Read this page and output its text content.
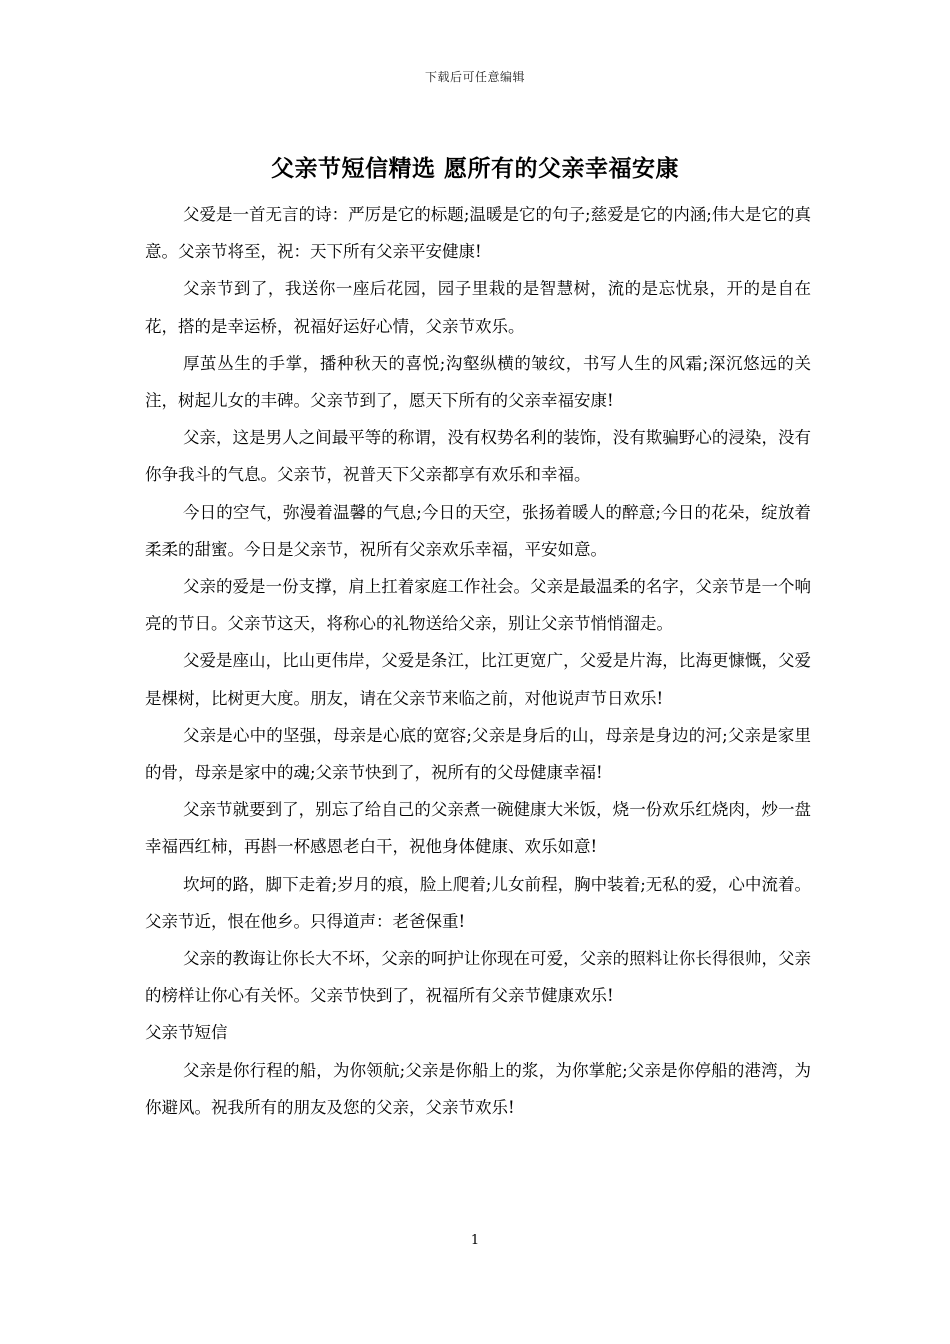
下载后可任意编辑
父亲节短信精选 愿所有的父亲幸福安康

父爱是一首无言的诗：严厉是它的标题;温暖是它的句子;慈爱是它的内涵;伟大是它的真意。父亲节将至，祝：天下所有父亲平安健康!

父亲节到了，我送你一座后花园，园子里栽的是智慧树，流的是忘忧泉，开的是自在花，搭的是幸运桥，祝福好运好心情，父亲节欢乐。

厚茧丛生的手掌，播种秋天的喜悦;沟壑纵横的皱纹，书写人生的风霜;深沉悠远的关注，树起儿女的丰碑。父亲节到了，愿天下所有的父亲幸福安康!

父亲，这是男人之间最平等的称谓，没有权势名利的装饰，没有欺骗野心的浸染，没有你争我斗的气息。父亲节，祝普天下父亲都享有欢乐和幸福。

今日的空气，弥漫着温馨的气息;今日的天空，张扬着暖人的醉意;今日的花朵，绽放着柔柔的甜蜜。今日是父亲节，祝所有父亲欢乐幸福，平安如意。

父亲的爱是一份支撑，肩上扛着家庭工作社会。父亲是最温柔的名字，父亲节是一个响亮的节日。父亲节这天，将称心的礼物送给父亲，别让父亲节悄悄溜走。

父爱是座山，比山更伟岸，父爱是条江，比江更宽广，父爱是片海，比海更慷慨，父爱是棵树，比树更大度。朋友，请在父亲节来临之前，对他说声节日欢乐!

父亲是心中的坚强，母亲是心底的宽容;父亲是身后的山，母亲是身边的河;父亲是家里的骨，母亲是家中的魂;父亲节快到了，祝所有的父母健康幸福!

父亲节就要到了，别忘了给自己的父亲煮一碗健康大米饭，烧一份欢乐红烧肉，炒一盘幸福西红柿，再斟一杯感恩老白干，祝他身体健康、欢乐如意!

坎坷的路，脚下走着;岁月的痕，脸上爬着;儿女前程，胸中装着;无私的爱，心中流着。父亲节近，恨在他乡。只得道声：老爸保重!

父亲的教诲让你长大不坏，父亲的呵护让你现在可爱，父亲的照料让你长得很帅，父亲的榜样让你心有关怀。父亲节快到了，祝福所有父亲节健康欢乐!

父亲节短信

父亲是你行程的船，为你领航;父亲是你船上的浆，为你掌舵;父亲是你停船的港湾，为你避风。祝我所有的朋友及您的父亲，父亲节欢乐!

1
